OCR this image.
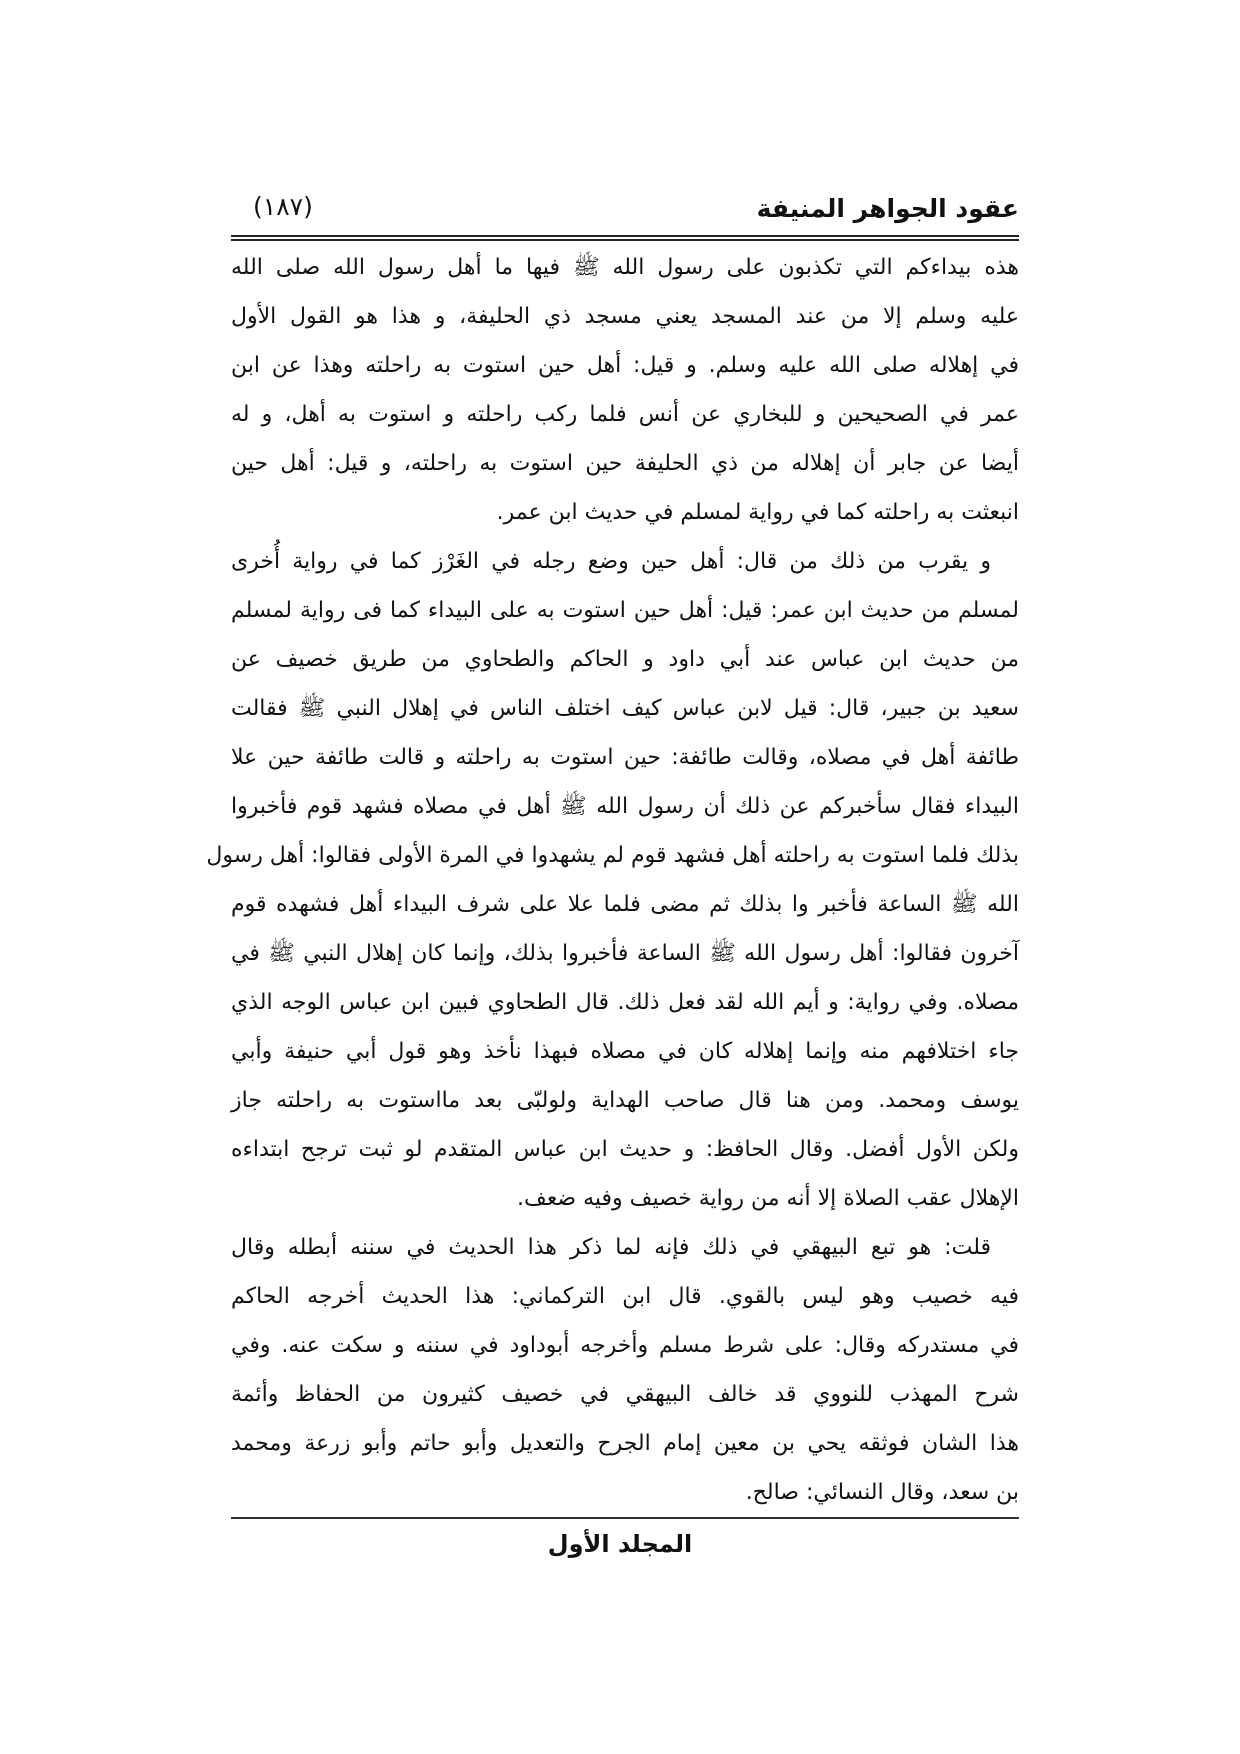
عقود الجواهر المنيفة
(١٨٧)
هذه بيداءكم التي تكذبون على رسول الله ﷺ فيها ما أهل رسول الله صلى الله
عليه وسلم إلا من عند المسجد يعني مسجد ذي الحليفة، و هذا هو القول الأول
في إهلاله صلى الله عليه وسلم. و قيل: أهل حين استوت به راحلته وهذا عن ابن
عمر في الصحيحين و للبخاري عن أنس فلما ركب راحلته و استوت به أهل، و له
أيضا عن جابر أن إهلاله من ذي الحليفة حين استوت به راحلته، و قيل: أهل حين
انبعثت به راحلته كما في رواية لمسلم في حديث ابن عمر.
و يقرب من ذلك من قال: أهل حين وضع رجله في الغَرْز كما في رواية أُخرى
لمسلم من حديث ابن عمر: قيل: أهل حين استوت به على البيداء كما فى رواية لمسلم
من حديث ابن عباس عند أبي داود و الحاكم والطحاوي من طريق خصيف عن
سعيد بن جبير، قال: قيل لابن عباس كيف اختلف الناس في إهلال النبي ﷺ فقالت
طائفة أهل في مصلاه، وقالت طائفة: حين استوت به راحلته و قالت طائفة حين علا
البيداء فقال سأخبركم عن ذلك أن رسول الله ﷺ أهل في مصلاه فشهد قوم فأخبروا
بذلك فلما استوت به راحلته أهل فشهد قوم لم يشهدوا في المرة الأولى فقالوا: أهل رسول
الله ﷺ الساعة فأخبر وا بذلك ثم مضى فلما علا على شرف البيداء أهل فشهده قوم
آخرون فقالوا: أهل رسول الله ﷺ الساعة فأخبروا بذلك، وإنما كان إهلال النبي ﷺ في
مصلاه. وفي رواية: و أيم الله لقد فعل ذلك. قال الطحاوي فبين ابن عباس الوجه الذي
جاء اختلافهم منه وإنما إهلاله كان في مصلاه فبهذا نأخذ وهو قول أبي حنيفة وأبي
يوسف ومحمد. ومن هنا قال صاحب الهداية ولولبّى بعد مااستوت به راحلته جاز
ولكن الأول أفضل. وقال الحافظ: و حديث ابن عباس المتقدم لو ثبت ترجح ابتداءه
الإهلال عقب الصلاة إلا أنه من رواية خصيف وفيه ضعف.
قلت: هو تبع البيهقي في ذلك فإنه لما ذكر هذا الحديث في سننه أبطله وقال
فيه خصيب وهو ليس بالقوي. قال ابن التركماني: هذا الحديث أخرجه الحاكم
في مستدركه وقال: على شرط مسلم وأخرجه أبوداود في سننه و سكت عنه. وفي
شرح المهذب للنووي قد خالف البيهقي في خصيف كثيرون من الحفاظ وأئمة
هذا الشان فوثقه يحي بن معين إمام الجرح والتعديل وأبو حاتم وأبو زرعة ومحمد
بن سعد، وقال النسائي: صالح.
المجلد الأول
